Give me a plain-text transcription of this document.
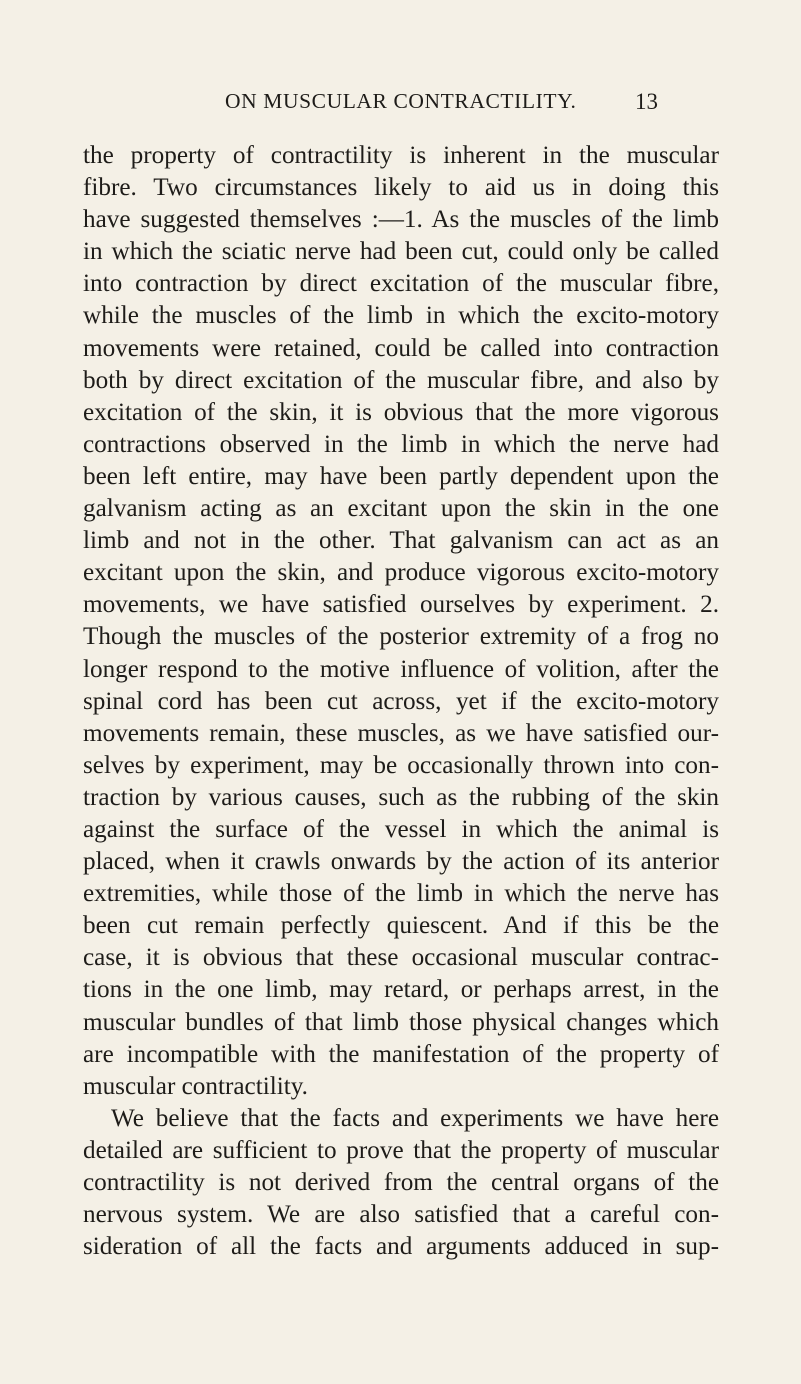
ON MUSCULAR CONTRACTILITY.	13
the property of contractility is inherent in the muscular
fibre. Two circumstances likely to aid us in doing this
have suggested themselves :—1. As the muscles of the limb
in which the sciatic nerve had been cut, could only be called
into contraction by direct excitation of the muscular fibre,
while the muscles of the limb in which the excito-motory
movements were retained, could be called into contraction
both by direct excitation of the muscular fibre, and also by
excitation of the skin, it is obvious that the more vigorous
contractions observed in the limb in which the nerve had
been left entire, may have been partly dependent upon the
galvanism acting as an excitant upon the skin in the one
limb and not in the other. That galvanism can act as an
excitant upon the skin, and produce vigorous excito-motory
movements, we have satisfied ourselves by experiment. 2.
Though the muscles of the posterior extremity of a frog no
longer respond to the motive influence of volition, after the
spinal cord has been cut across, yet if the excito-motory
movements remain, these muscles, as we have satisfied our-
selves by experiment, may be occasionally thrown into con-
traction by various causes, such as the rubbing of the skin
against the surface of the vessel in which the animal is
placed, when it crawls onwards by the action of its anterior
extremities, while those of the limb in which the nerve has
been cut remain perfectly quiescent. And if this be the
case, it is obvious that these occasional muscular contrac-
tions in the one limb, may retard, or perhaps arrest, in the
muscular bundles of that limb those physical changes which
are incompatible with the manifestation of the property of
muscular contractility.
We believe that the facts and experiments we have here
detailed are sufficient to prove that the property of muscular
contractility is not derived from the central organs of the
nervous system. We are also satisfied that a careful con-
sideration of all the facts and arguments adduced in sup-
